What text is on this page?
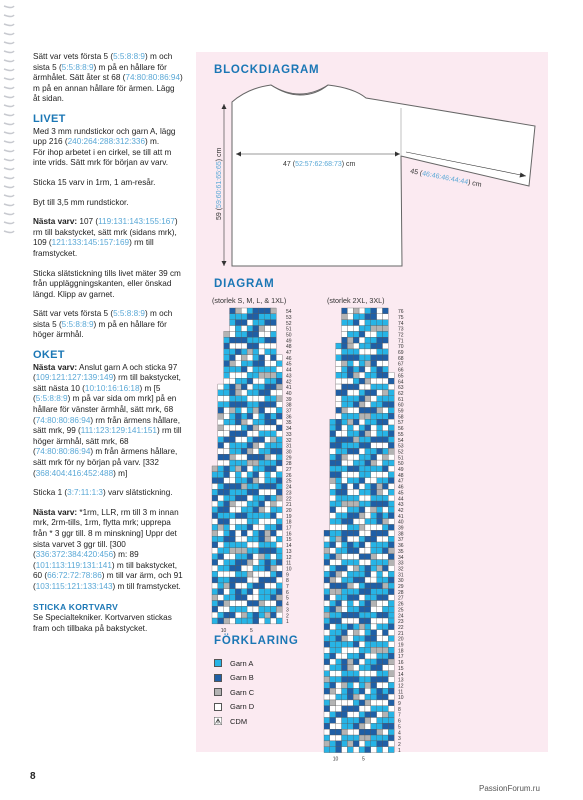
Sätt var vets första 5 (5:5:8:8:9) m och sista 5 (5:5:8:8:9) m på en hållare för ärmhålet. Sätt åter st 68 (74:80:80:86:94) m på en annan hållare för ärmen. Lägg åt sidan.

LIVET

Med 3 mm rundstickor och garn A, lägg upp 216 (240:264:288:312:336) m.
För ihop arbetet i en cirkel, se till att m inte vrids. Sätt mrk för början av varv.

Sticka 15 varv in 1rm, 1 am-resår.

Byt till 3,5 mm rundstickor.

Nästa varv: 107 (119:131:143:155:167) rm till bakstycket, sätt mrk (sidans mrk), 109 (121:133:145:157:169) rm till framstycket.

Sticka slätstickning tills livet mäter 39 cm från uppläggningskanten, eller önskad längd. Klipp av garnet.

Sätt var vets första 5 (5:5:8:8:9) m och sista 5 (5:5:8:8:9) m på en hållare för höger ärmhål.

OKET

Nästa varv: Anslut garn A och sticka 97 (109:121:127:139:149) rm till bakstycket, sätt nästa 10 (10:10:16:16:18) m [5 (5:5:8:8:9) m på var sida om mrk] på en hållare för vänster ärmhål, sätt mrk, 68 (74:80:80:86:94) rm från ärmens hållare, sätt mrk, 99 (111:123:129:141:151) rm till höger ärmhål, sätt mrk, 68 (74:80:80:86:94) m från ärmens hållare, sätt mrk för ny början på varv. [332 (368:404:416:452:488) m]

Sticka 1 (3:7:11:1:3) varv slätstickning.

Nästa varv: *1rm, LLR, rm till 3 m innan mrk, 2rm-tills, 1rm, flytta mrk; upprepa från * 3 ggr till. 8 m minskning] Uppr det sista varvet 3 ggr till. [300 (336:372:384:420:456) m: 89 (101:113:119:131:141) m till bakstycket, 60 (66:72:72:78:86) m till var ärm, och 91 (103:115:121:133:143) m till framstycket.

STICKA KORTVARV

Se Specialtekniker. Kortvarven stickas fram och tillbaka på bakstycket.

8
BLOCKDIAGRAM
47 (52:57:62:68:73) cm
45 (46:46:46:44:44) cm
59 (59:60:61:65:65) cm
DIAGRAM
(storlek S, M, L, & 1XL)	(storlek 2XL, 3XL)
54
53
52
51
50
49
48
47
46
45
44
43
42
41
40
39
38
37
36
35
34
33
32
31
30
29
28
27
26
25
24
23
22
21
20
19
18
17
16
15
14
13
12
11
10
9
8
7
6
5
4
3
2
1
10	5
76
75
74
73
72
71
70
69
68
67
66
65
64
63
62
61
60
59
58
57
56
55
54
53
52
51
50
49
48
47
46
45
44
43
42
41
40
39
38
37
36
35
34
33
32
31
30
29
28
27
26
25
24
23
22
21
20
19
18
17
16
15
14
13
12
11
10
9
8
7
6
5
4
3
2
1
10	5
FÖRKLARING
Garn A
Garn B
Garn C
Garn D
CDM
PassionForum.ru
